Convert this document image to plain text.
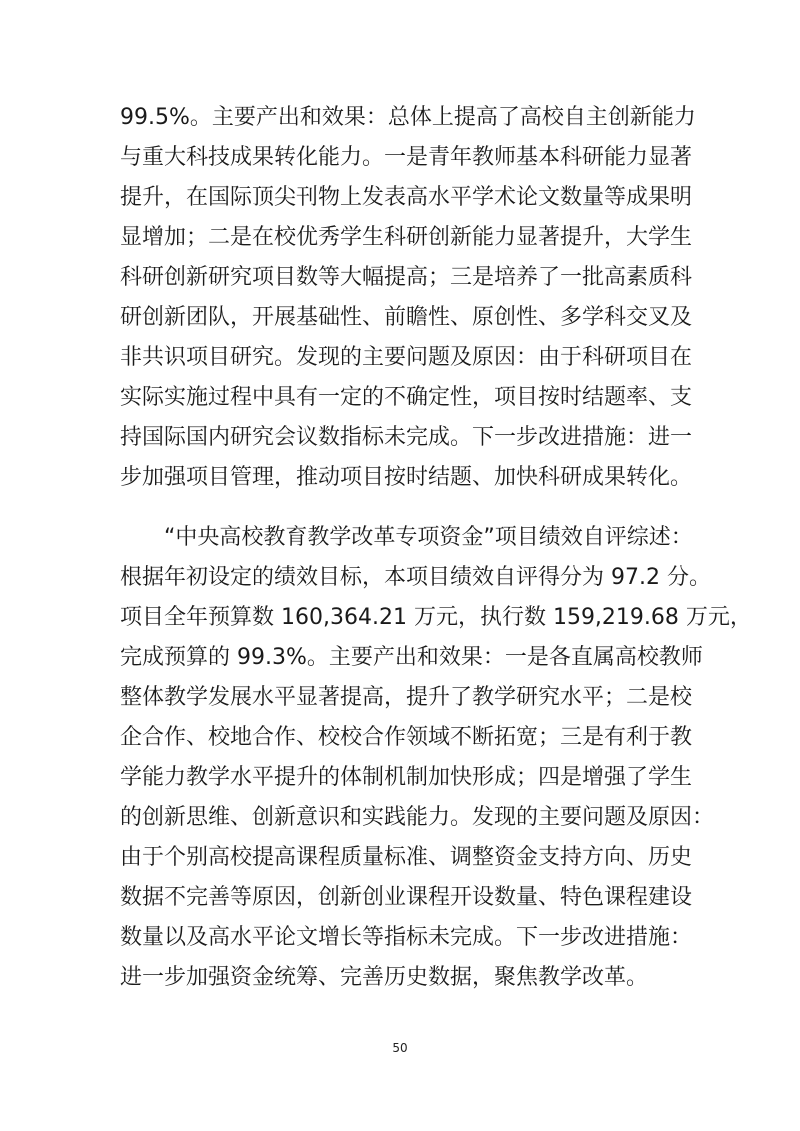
99.5%。主要产出和效果：总体上提高了高校自主创新能力
与重大科技成果转化能力。一是青年教师基本科研能力显著
提升，在国际顶尖刊物上发表高水平学术论文数量等成果明
显增加；二是在校优秀学生科研创新能力显著提升，大学生
科研创新研究项目数等大幅提高；三是培养了一批高素质科
研创新团队，开展基础性、前瞻性、原创性、多学科交叉及
非共识项目研究。发现的主要问题及原因：由于科研项目在
实际实施过程中具有一定的不确定性，项目按时结题率、支
持国际国内研究会议数指标未完成。下一步改进措施：进一
步加强项目管理，推动项目按时结题、加快科研成果转化。
“中央高校教育教学改革专项资金”项目绩效自评综述：
根据年初设定的绩效目标，本项目绩效自评得分为 97.2 分。
项目全年预算数 160,364.21 万元，执行数 159,219.68 万元，
完成预算的 99.3%。主要产出和效果：一是各直属高校教师
整体教学发展水平显著提高，提升了教学研究水平；二是校
企合作、校地合作、校校合作领域不断拓宽；三是有利于教
学能力教学水平提升的体制机制加快形成；四是增强了学生
的创新思维、创新意识和实践能力。发现的主要问题及原因：
由于个别高校提高课程质量标准、调整资金支持方向、历史
数据不完善等原因，创新创业课程开设数量、特色课程建设
数量以及高水平论文增长等指标未完成。下一步改进措施：
进一步加强资金统筹、完善历史数据，聚焦教学改革。
50
